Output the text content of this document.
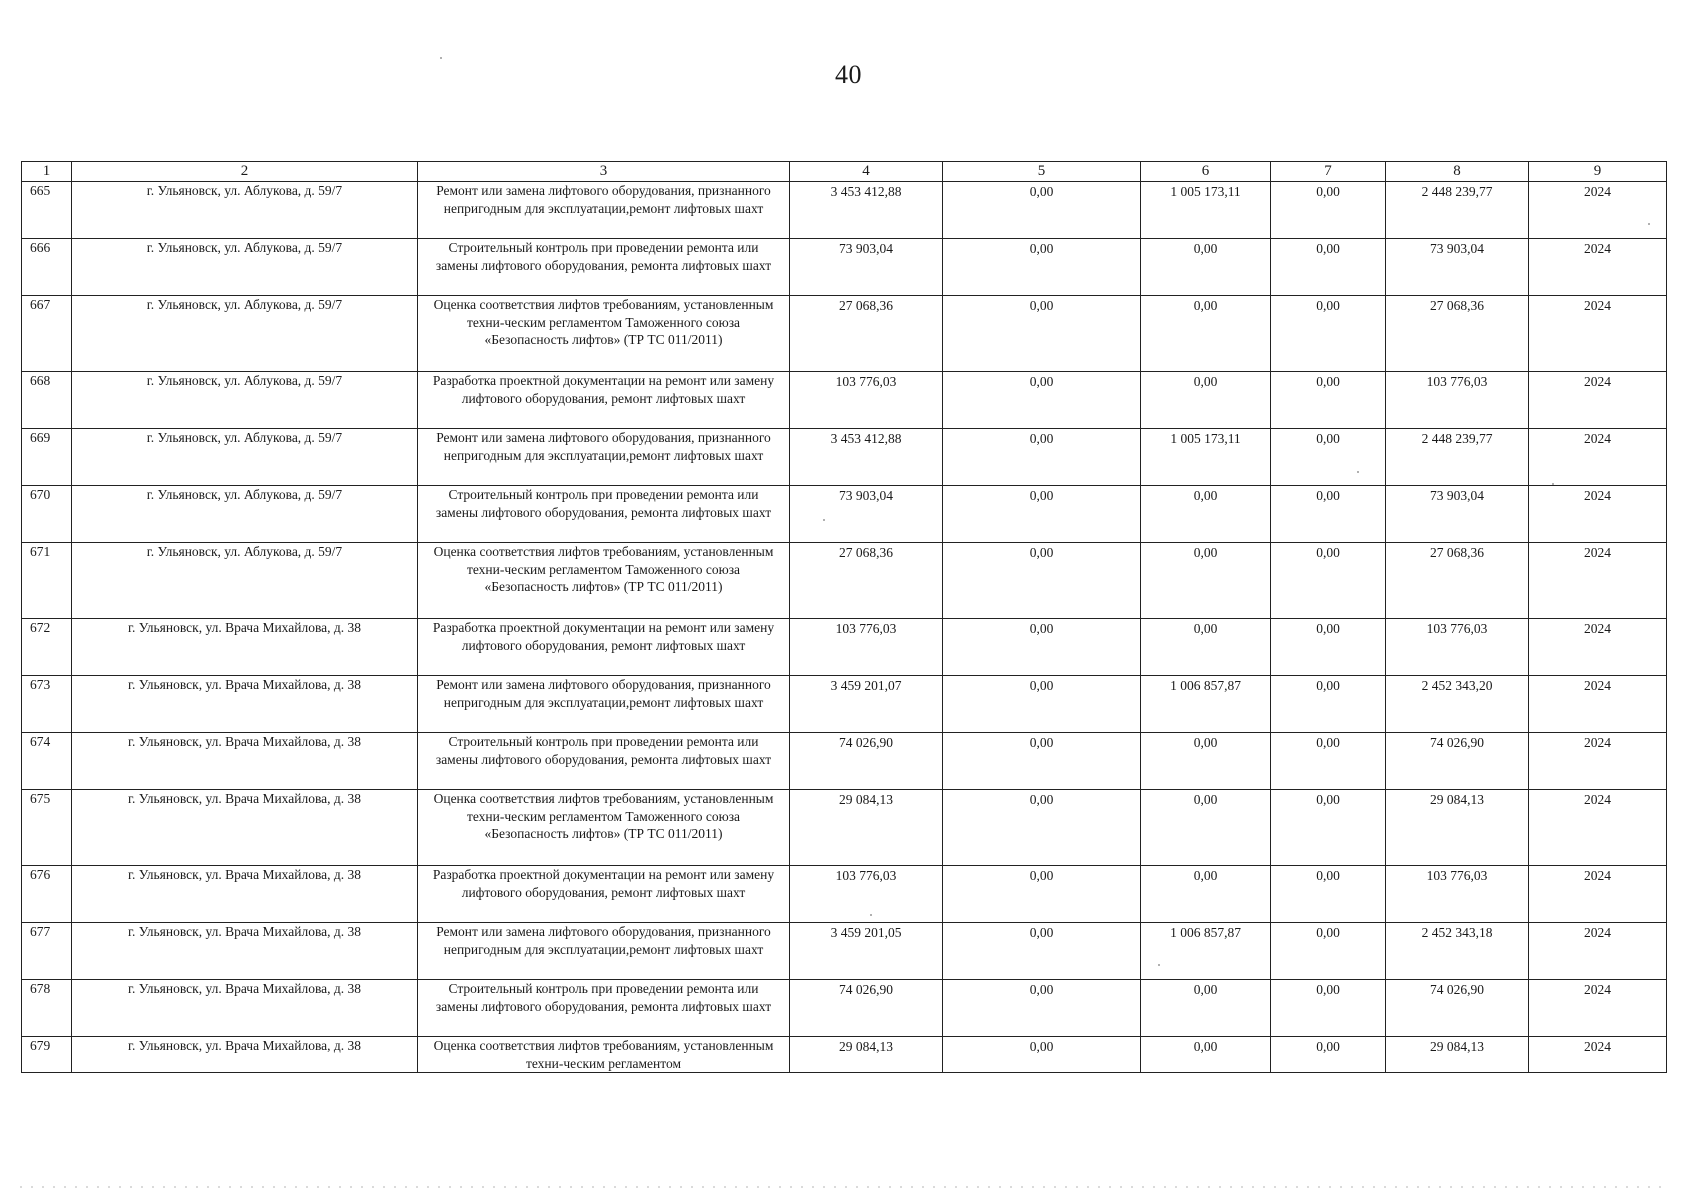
40
1	2	3	4	5	6	7	8	9
665	г. Ульяновск, ул. Аблукова, д. 59/7	Ремонт или замена лифтового оборудования, признанного непригодным для эксплуатации,ремонт лифтовых шахт	3 453 412,88	0,00	1 005 173,11	0,00	2 448 239,77	2024
666	г. Ульяновск, ул. Аблукова, д. 59/7	Строительный контроль при проведении ремонта или замены лифтового оборудования, ремонта лифтовых шахт	73 903,04	0,00	0,00	0,00	73 903,04	2024
667	г. Ульяновск, ул. Аблукова, д. 59/7	Оценка соответствия лифтов требованиям, установленным техни-ческим регламентом Таможенного союза «Безопасность лифтов» (ТР ТС 011/2011)	27 068,36	0,00	0,00	0,00	27 068,36	2024
668	г. Ульяновск, ул. Аблукова, д. 59/7	Разработка проектной документации на ремонт или замену лифтового оборудования, ремонт лифтовых шахт	103 776,03	0,00	0,00	0,00	103 776,03	2024
669	г. Ульяновск, ул. Аблукова, д. 59/7	Ремонт или замена лифтового оборудования, признанного непригодным для эксплуатации,ремонт лифтовых шахт	3 453 412,88	0,00	1 005 173,11	0,00	2 448 239,77	2024
670	г. Ульяновск, ул. Аблукова, д. 59/7	Строительный контроль при проведении ремонта или замены лифтового оборудования, ремонта лифтовых шахт	73 903,04	0,00	0,00	0,00	73 903,04	2024
671	г. Ульяновск, ул. Аблукова, д. 59/7	Оценка соответствия лифтов требованиям, установленным техни-ческим регламентом Таможенного союза «Безопасность лифтов» (ТР ТС 011/2011)	27 068,36	0,00	0,00	0,00	27 068,36	2024
672	г. Ульяновск, ул. Врача Михайлова, д. 38	Разработка проектной документации на ремонт или замену лифтового оборудования, ремонт лифтовых шахт	103 776,03	0,00	0,00	0,00	103 776,03	2024
673	г. Ульяновск, ул. Врача Михайлова, д. 38	Ремонт или замена лифтового оборудования, признанного непригодным для эксплуатации,ремонт лифтовых шахт	3 459 201,07	0,00	1 006 857,87	0,00	2 452 343,20	2024
674	г. Ульяновск, ул. Врача Михайлова, д. 38	Строительный контроль при проведении ремонта или замены лифтового оборудования, ремонта лифтовых шахт	74 026,90	0,00	0,00	0,00	74 026,90	2024
675	г. Ульяновск, ул. Врача Михайлова, д. 38	Оценка соответствия лифтов требованиям, установленным техни-ческим регламентом Таможенного союза «Безопасность лифтов» (ТР ТС 011/2011)	29 084,13	0,00	0,00	0,00	29 084,13	2024
676	г. Ульяновск, ул. Врача Михайлова, д. 38	Разработка проектной документации на ремонт или замену лифтового оборудования, ремонт лифтовых шахт	103 776,03	0,00	0,00	0,00	103 776,03	2024
677	г. Ульяновск, ул. Врача Михайлова, д. 38	Ремонт или замена лифтового оборудования, признанного непригодным для эксплуатации,ремонт лифтовых шахт	3 459 201,05	0,00	1 006 857,87	0,00	2 452 343,18	2024
678	г. Ульяновск, ул. Врача Михайлова, д. 38	Строительный контроль при проведении ремонта или замены лифтового оборудования, ремонта лифтовых шахт	74 026,90	0,00	0,00	0,00	74 026,90	2024
679	г. Ульяновск, ул. Врача Михайлова, д. 38	Оценка соответствия лифтов требованиям, установленным техни-ческим регламентом	29 084,13	0,00	0,00	0,00	29 084,13	2024
